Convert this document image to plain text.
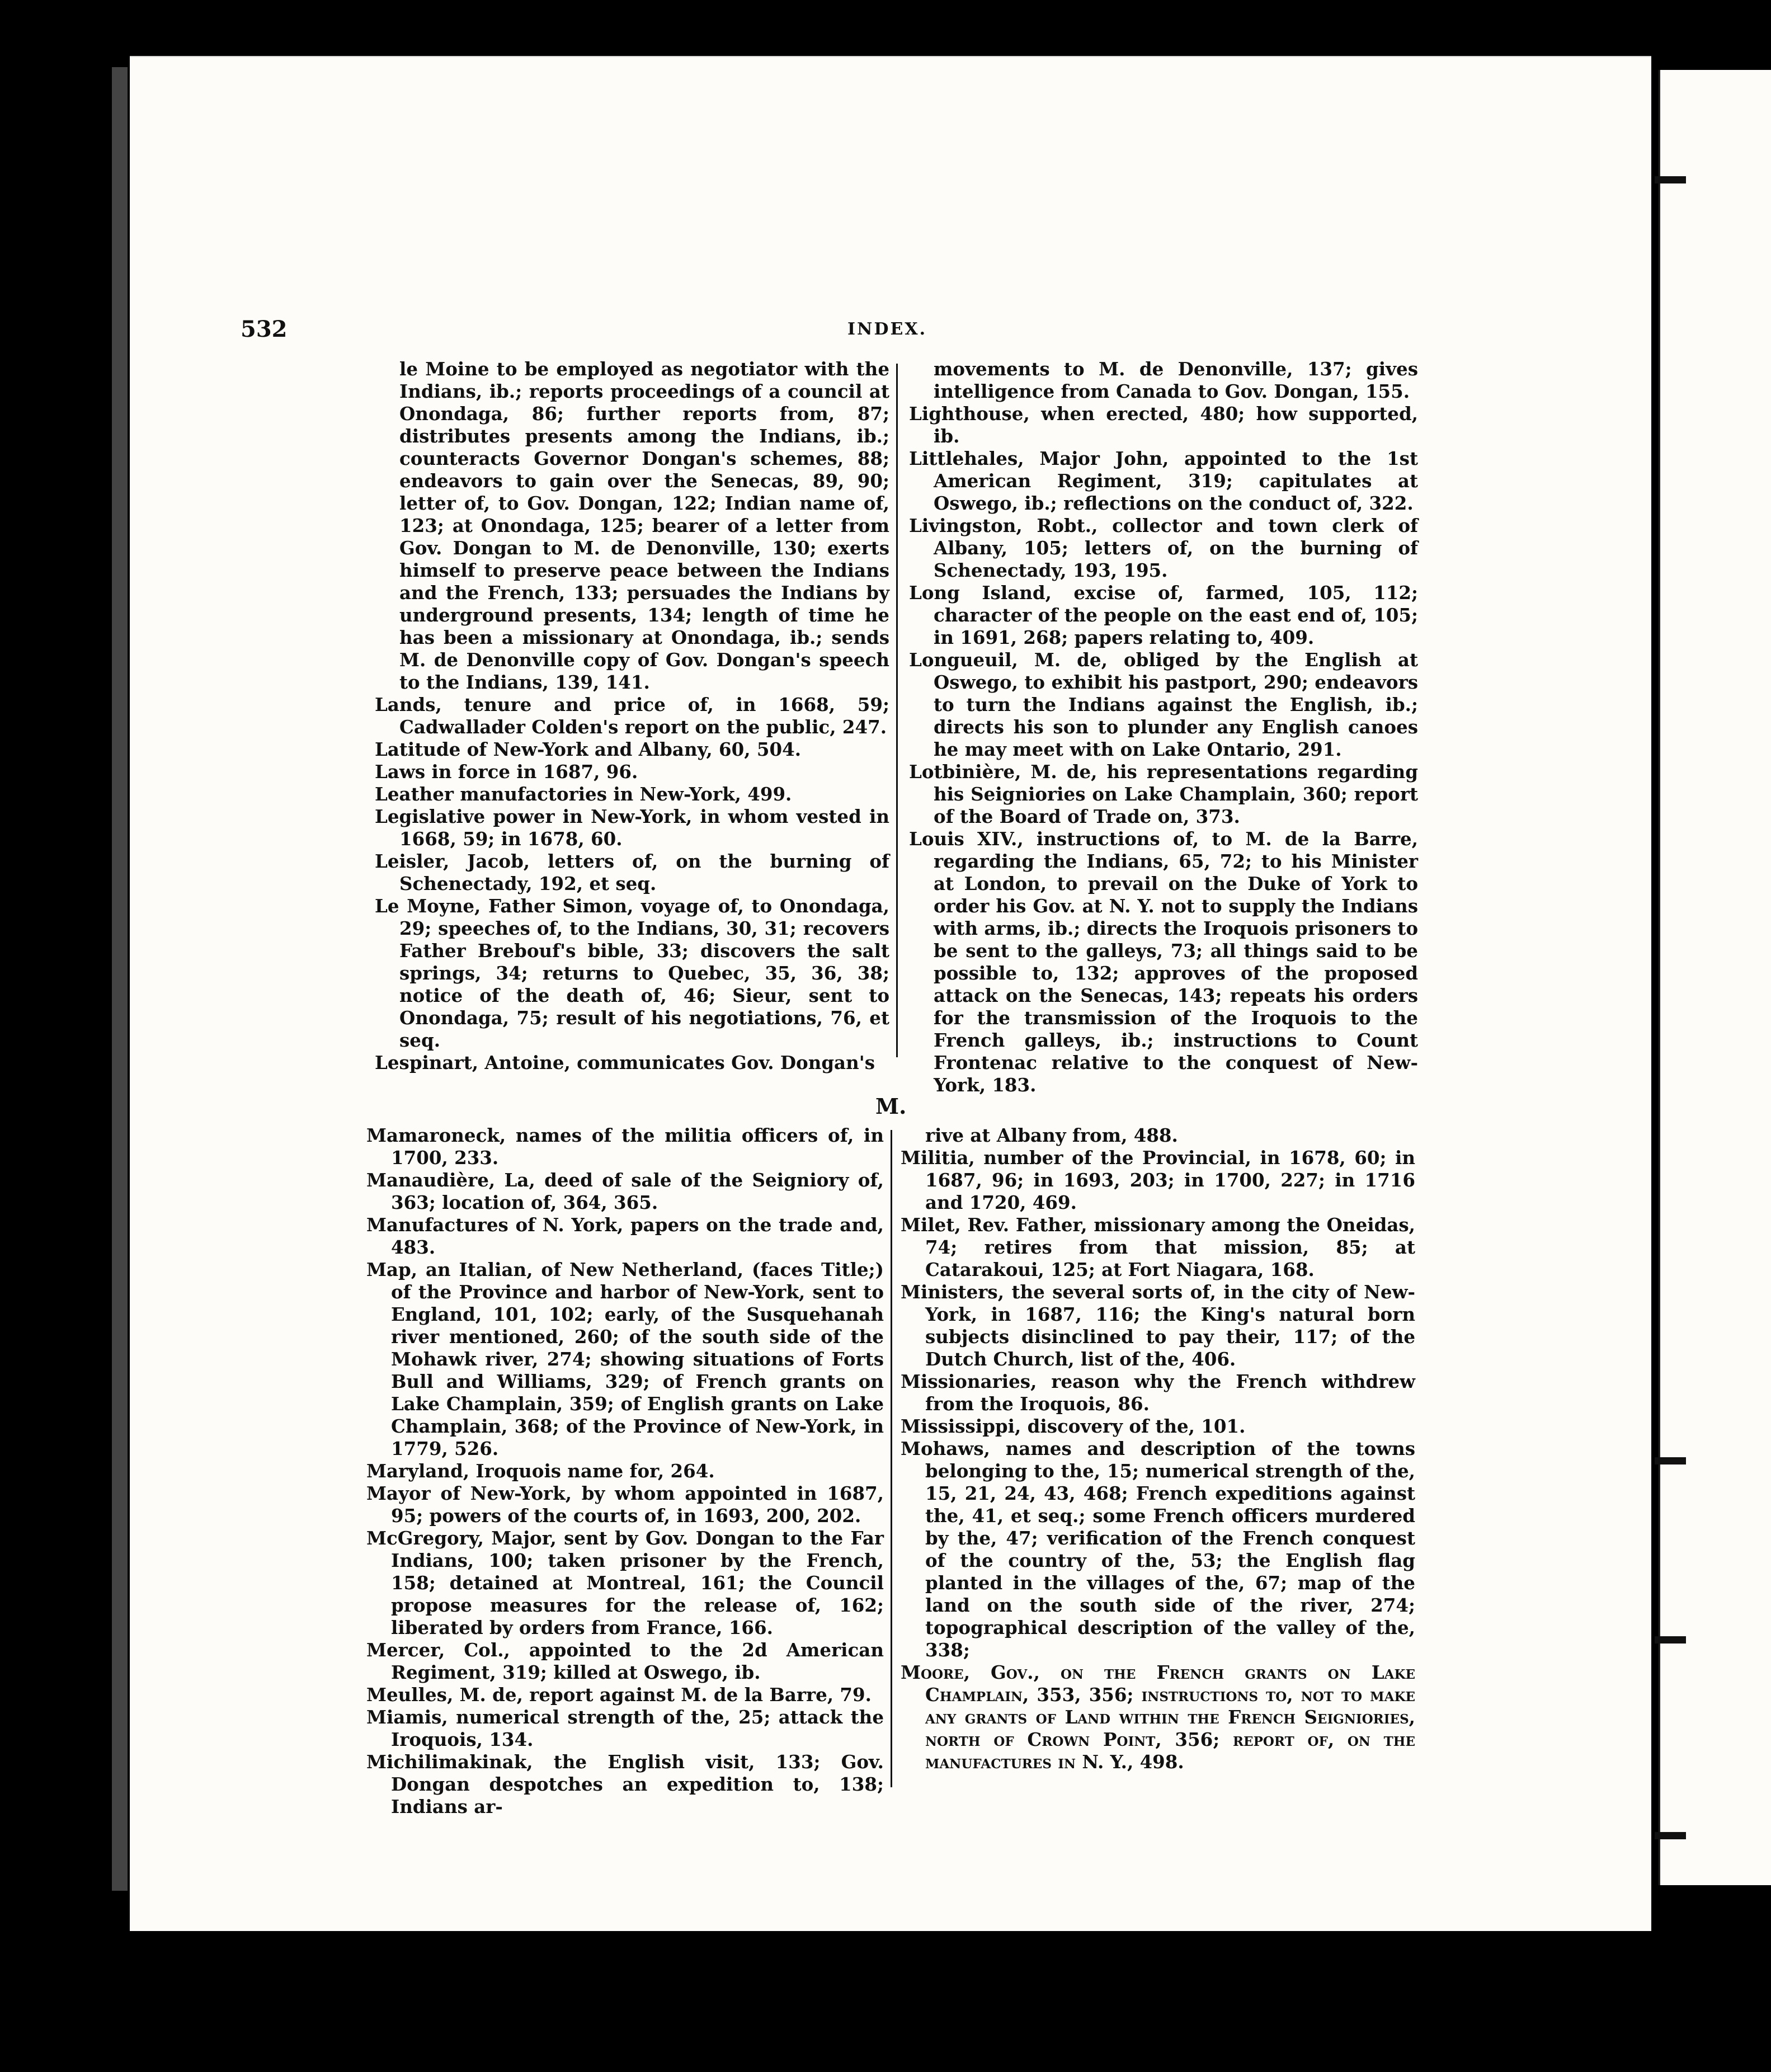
532	INDEX.

le Moine to be employed as negotiator with the Indians, ib.; reports proceedings of a council at Onondaga, 86; further reports from, 87; distributes presents among the Indians, ib.; counteracts Governor Dongan's schemes, 88; endeavors to gain over the Senecas, 89, 90; letter of, to Gov. Dongan, 122; Indian name of, 123; at Onondaga, 125; bearer of a letter from Gov. Dongan to M. de Denonville, 130; exerts himself to preserve peace between the Indians and the French, 133; persuades the Indians by underground presents, 134; length of time he has been a missionary at Onondaga, ib.; sends M. de Denonville copy of Gov. Dongan's speech to the Indians, 139, 141.

Lands, tenure and price of, in 1668, 59; Cadwallader Colden's report on the public, 247.

Latitude of New-York and Albany, 60, 504.

Laws in force in 1687, 96.

Leather manufactories in New-York, 499.

Legislative power in New-York, in whom vested in 1668, 59; in 1678, 60.

Leisler, Jacob, letters of, on the burning of Schenectady, 192, et seq.

Le Moyne, Father Simon, voyage of, to Onondaga, 29; speeches of, to the Indians, 30, 31; recovers Father Brebouf's bible, 33; discovers the salt springs, 34; returns to Quebec, 35, 36, 38; notice of the death of, 46; Sieur, sent to Onondaga, 75; result of his negotiations, 76, et seq.

Lespinart, Antoine, communicates Gov. Dongan's

movements to M. de Denonville, 137; gives intelligence from Canada to Gov. Dongan, 155.

Lighthouse, when erected, 480; how supported, ib.

Littlehales, Major John, appointed to the 1st American Regiment, 319; capitulates at Oswego, ib.; reflections on the conduct of, 322.

Livingston, Robt., collector and town clerk of Albany, 105; letters of, on the burning of Schenectady, 193, 195.

Long Island, excise of, farmed, 105, 112; character of the people on the east end of, 105; in 1691, 268; papers relating to, 409.

Longueuil, M. de, obliged by the English at Oswego, to exhibit his pastport, 290; endeavors to turn the Indians against the English, ib.; directs his son to plunder any English canoes he may meet with on Lake Ontario, 291.

Lotbinière, M. de, his representations regarding his Seigniories on Lake Champlain, 360; report of the Board of Trade on, 373.

Louis XIV., instructions of, to M. de la Barre, regarding the Indians, 65, 72; to his Minister at London, to prevail on the Duke of York to order his Gov. at N. Y. not to supply the Indians with arms, ib.; directs the Iroquois prisoners to be sent to the galleys, 73; all things said to be possible to, 132; approves of the proposed attack on the Senecas, 143; repeats his orders for the transmission of the Iroquois to the French galleys, ib.; instructions to Count Frontenac relative to the conquest of New-York, 183.

M.

Mamaroneck, names of the militia officers of, in 1700, 233.

Manaudière, La, deed of sale of the Seigniory of, 363; location of, 364, 365.

Manufactures of N. York, papers on the trade and, 483.

Map, an Italian, of New Netherland, (faces Title;) of the Province and harbor of New-York, sent to England, 101, 102; early, of the Susquehanah river mentioned, 260; of the south side of the Mohawk river, 274; showing situations of Forts Bull and Williams, 329; of French grants on Lake Champlain, 359; of English grants on Lake Champlain, 368; of the Province of New-York, in 1779, 526.

Maryland, Iroquois name for, 264.

Mayor of New-York, by whom appointed in 1687, 95; powers of the courts of, in 1693, 200, 202.

McGregory, Major, sent by Gov. Dongan to the Far Indians, 100; taken prisoner by the French, 158; detained at Montreal, 161; the Council propose measures for the release of, 162; liberated by orders from France, 166.

Mercer, Col., appointed to the 2d American Regiment, 319; killed at Oswego, ib.

Meulles, M. de, report against M. de la Barre, 79.

Miamis, numerical strength of the, 25; attack the Iroquois, 134.

Michilimakinak, the English visit, 133; Gov. Dongan despotches an expedition to, 138; Indians ar-

rive at Albany from, 488.

Militia, number of the Provincial, in 1678, 60; in 1687, 96; in 1693, 203; in 1700, 227; in 1716 and 1720, 469.

Milet, Rev. Father, missionary among the Oneidas, 74; retires from that mission, 85; at Catarakoui, 125; at Fort Niagara, 168.

Ministers, the several sorts of, in the city of New-York, in 1687, 116; the King's natural born subjects disinclined to pay their, 117; of the Dutch Church, list of the, 406.

Missionaries, reason why the French withdrew from the Iroquois, 86.

Mississippi, discovery of the, 101.

Mohaws, names and description of the towns belonging to the, 15; numerical strength of the, 15, 21, 24, 43, 468; French expeditions against the, 41, et seq.; some French officers murdered by the, 47; verification of the French conquest of the country of the, 53; the English flag planted in the villages of the, 67; map of the land on the south side of the river, 274; topographical description of the valley of the, 338;

Moore, Gov., on the French grants on Lake Champlain, 353, 356; instructions to, not to make any grants of Land within the French Seigniories, north of Crown Point, 356; report of, on the manufactures in N. Y., 498.
